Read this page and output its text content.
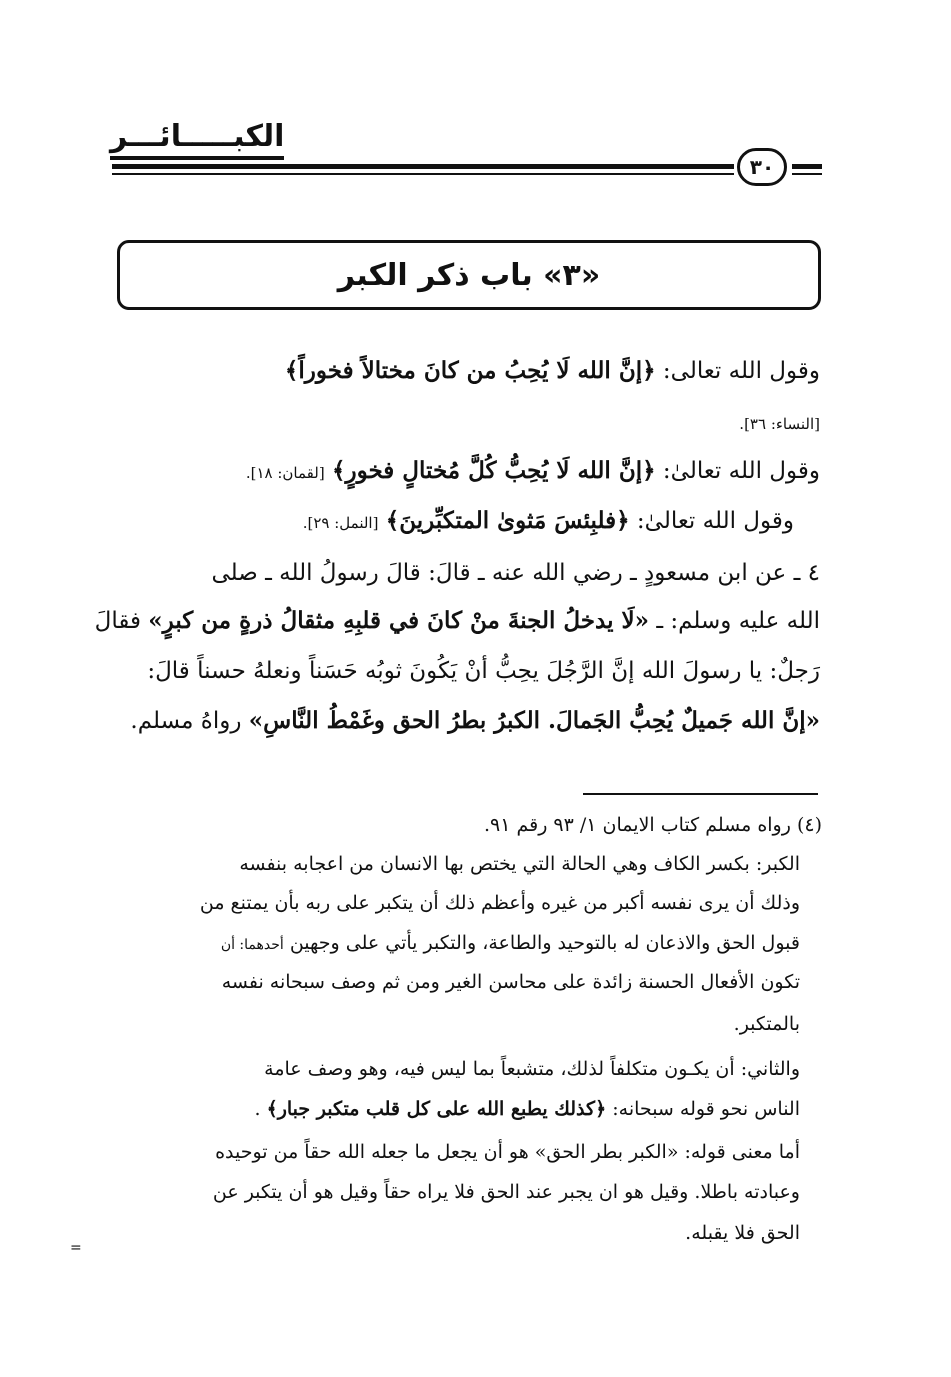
الكبـــــائـــر
٣٠
«٣» باب ذكر الكبر
وقول الله تعالى: ﴿إنَّ الله لَا يُحِبُ من كانَ مختالاً فخوراً﴾
[النساء: ٣٦].
وقول الله تعالىٰ: ﴿إنَّ الله لَا يُحِبُّ كُلَّ مُختالٍ فخورٍ﴾ [لقمان: ١٨].
وقول الله تعالىٰ: ﴿فلبِئسَ مَثوىٰ المتكبِّرينَ﴾ [النمل: ٢٩].
٤ ـ عن ابن مسعودٍ ـ رضي الله عنه ـ قالَ: قالَ رسولُ الله ـ صلى
الله عليه وسلم: ـ «لَا يدخلُ الجنةَ منْ كانَ في قلبِهِ مثقالُ ذرةٍ من كبرٍ» فقالَ
رَجلٌ: يا رسولَ الله إنَّ الرَّجُلَ يحِبُّ أنْ يَكُونَ ثوبُه حَسَناً ونعلهُ حسناً قالَ:
«إنَّ الله جَميلٌ يُحِبُّ الجَمالَ. الكبرُ بطرُ الحق وغَمْطُ النَّاسِ» رواهُ مسلم.
(٤) رواه مسلم كتاب الايمان ١/ ٩٣ رقم ٩١.
الكبر: بكسر الكاف وهي الحالة التي يختص بها الانسان من اعجابه بنفسه
وذلك أن يرى نفسه أكبر من غيره وأعظم ذلك أن يتكبر على ربه بأن يمتنع من
قبول الحق والاذعان له بالتوحيد والطاعة، والتكبر يأتي على وجهين أحدهما: أن
تكون الأفعال الحسنة زائدة على محاسن الغير ومن ثم وصف سبحانه نفسه
بالمتكبر.
والثاني: أن يكـون متكلفاً لذلك، متشبعاً بما ليس فيه، وهو وصف عامة
الناس نحو قوله سبحانه: ﴿كذلك يطبع الله على كل قلب متكبر جبار﴾ .
أما معنى قوله: «الكبر بطر الحق» هو أن يجعل ما جعله الله حقاً من توحيده
وعبادته باطلا. وقيل هو ان يجبر عند الحق فلا يراه حقاً وقيل هو أن يتكبر عن
الحق فلا يقبله.
=
